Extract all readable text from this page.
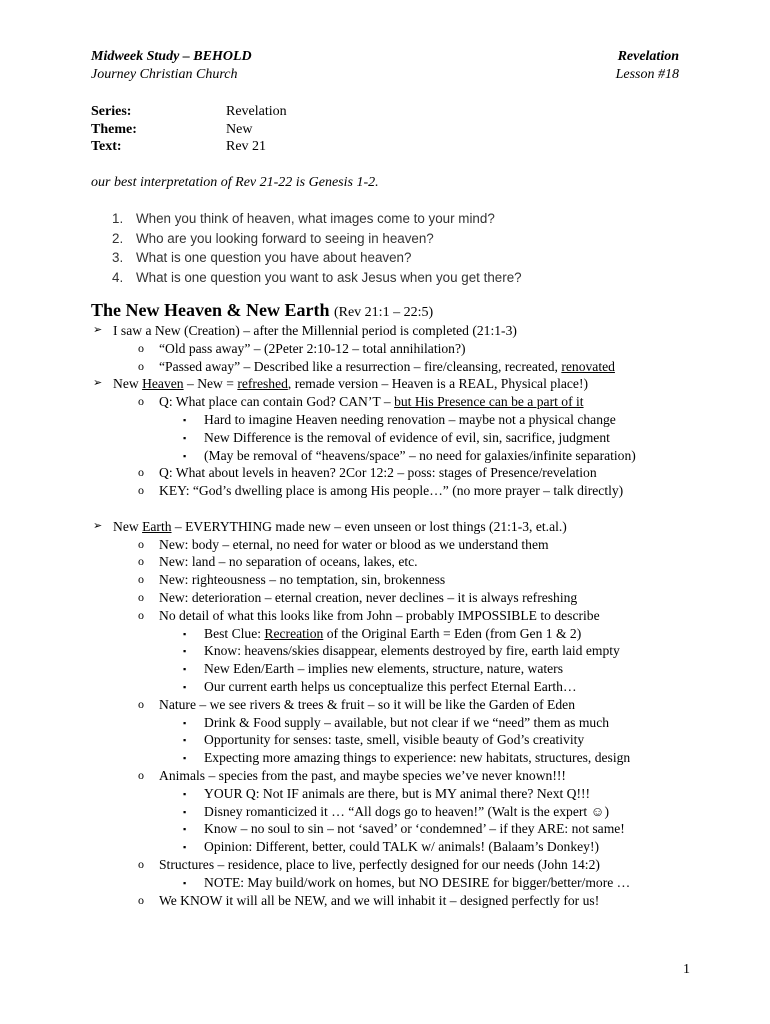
Midweek Study – BEHOLD
Journey Christian Church
Revelation
Lesson #18
Series:	Revelation
Theme:	New
Text:	Rev 21
our best interpretation of Rev 21-22 is Genesis 1-2.
1. When you think of heaven, what images come to your mind?
2. Who are you looking forward to seeing in heaven?
3. What is one question you have about heaven?
4. What is one question you want to ask Jesus when you get there?
The New Heaven & New Earth (Rev 21:1 – 22:5)
➢ I saw a New (Creation) – after the Millennial period is completed (21:1-3)
o “Old pass away” – (2Peter 2:10-12 – total annihilation?)
o “Passed away” – Described like a resurrection – fire/cleansing, recreated, renovated
➢ New Heaven – New = refreshed, remade version – Heaven is a REAL, Physical place!)
o Q: What place can contain God? CAN’T – but His Presence can be a part of it
▪ Hard to imagine Heaven needing renovation – maybe not a physical change
▪ New Difference is the removal of evidence of evil, sin, sacrifice, judgment
▪ (May be removal of “heavens/space” – no need for galaxies/infinite separation)
o Q: What about levels in heaven? 2Cor 12:2 – poss: stages of Presence/revelation
o KEY: “God’s dwelling place is among His people…” (no more prayer – talk directly)
➢ New Earth – EVERYTHING made new – even unseen or lost things (21:1-3, et.al.)
o New: body – eternal, no need for water or blood as we understand them
o New: land – no separation of oceans, lakes, etc.
o New: righteousness – no temptation, sin, brokenness
o New: deterioration – eternal creation, never declines – it is always refreshing
o No detail of what this looks like from John – probably IMPOSSIBLE to describe
▪ Best Clue: Recreation of the Original Earth = Eden (from Gen 1 & 2)
▪ Know: heavens/skies disappear, elements destroyed by fire, earth laid empty
▪ New Eden/Earth – implies new elements, structure, nature, waters
▪ Our current earth helps us conceptualize this perfect Eternal Earth…
o Nature – we see rivers & trees & fruit – so it will be like the Garden of Eden
▪ Drink & Food supply – available, but not clear if we “need” them as much
▪ Opportunity for senses: taste, smell, visible beauty of God’s creativity
▪ Expecting more amazing things to experience: new habitats, structures, design
o Animals – species from the past, and maybe species we’ve never known!!!
▪ YOUR Q: Not IF animals are there, but is MY animal there? Next Q!!!
▪ Disney romanticized it … “All dogs go to heaven!” (Walt is the expert ☺)
▪ Know – no soul to sin – not ‘saved’ or ‘condemned’ – if they ARE: not same!
▪ Opinion: Different, better, could TALK w/ animals! (Balaam’s Donkey!)
o Structures – residence, place to live, perfectly designed for our needs (John 14:2)
▪ NOTE: May build/work on homes, but NO DESIRE for bigger/better/more …
o We KNOW it will all be NEW, and we will inhabit it – designed perfectly for us!
1
